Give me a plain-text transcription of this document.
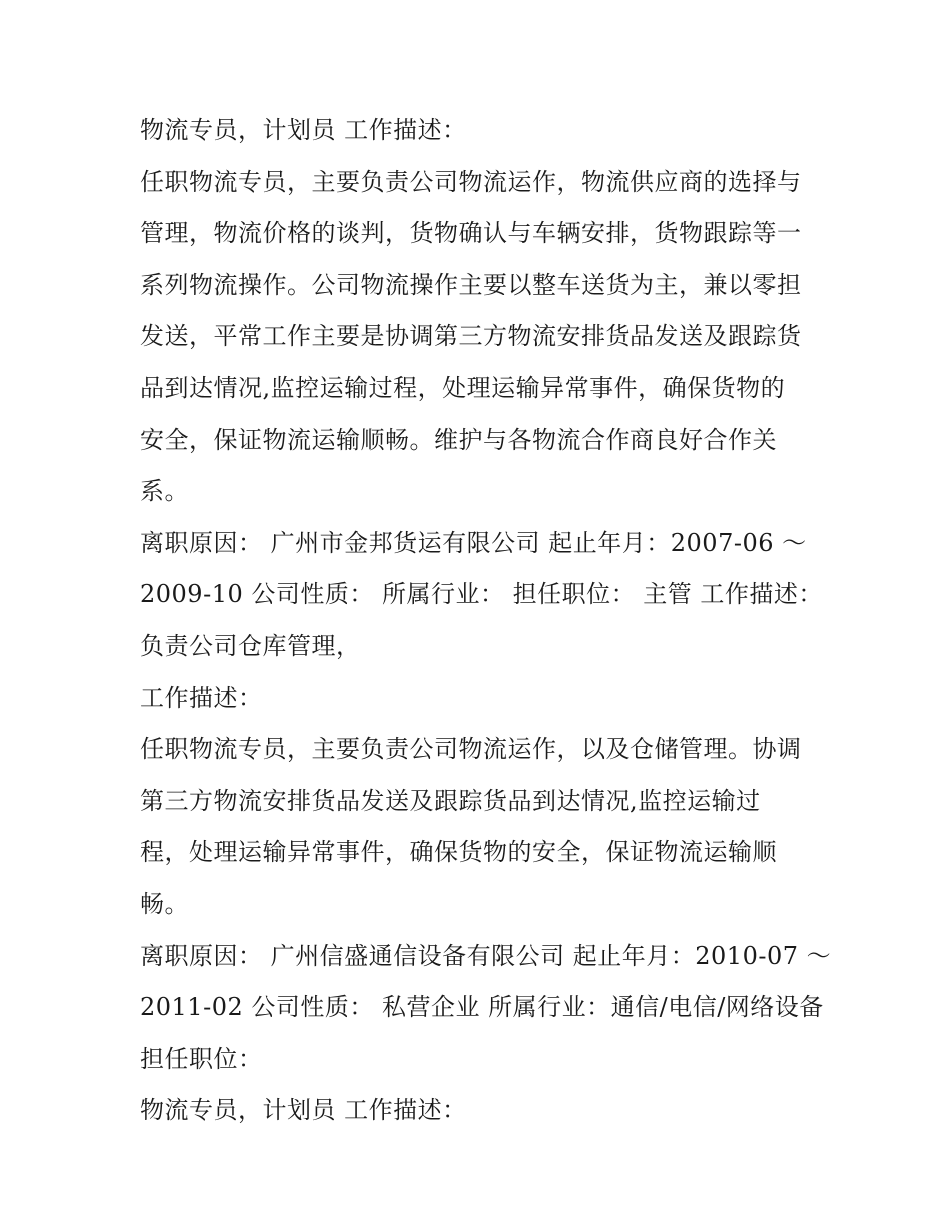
物流专员，计划员 工作描述：
任职物流专员，主要负责公司物流运作，物流供应商的选择与
管理，物流价格的谈判，货物确认与车辆安排，货物跟踪等一
系列物流操作。公司物流操作主要以整车送货为主，兼以零担
发送，平常工作主要是协调第三方物流安排货品发送及跟踪货
品到达情况,监控运输过程，处理运输异常事件，确保货物的
安全，保证物流运输顺畅。维护与各物流合作商良好合作关
系。
离职原因： 广州市金邦货运有限公司 起止年月：2007-06 ～
2009-10 公司性质： 所属行业： 担任职位： 主管 工作描述：
负责公司仓库管理，
工作描述：
任职物流专员，主要负责公司物流运作，以及仓储管理。协调
第三方物流安排货品发送及跟踪货品到达情况,监控运输过
程，处理运输异常事件，确保货物的安全，保证物流运输顺
畅。
离职原因： 广州信盛通信设备有限公司 起止年月：2010-07 ～
2011-02 公司性质： 私营企业 所属行业：通信/电信/网络设备
担任职位：
物流专员，计划员 工作描述：
